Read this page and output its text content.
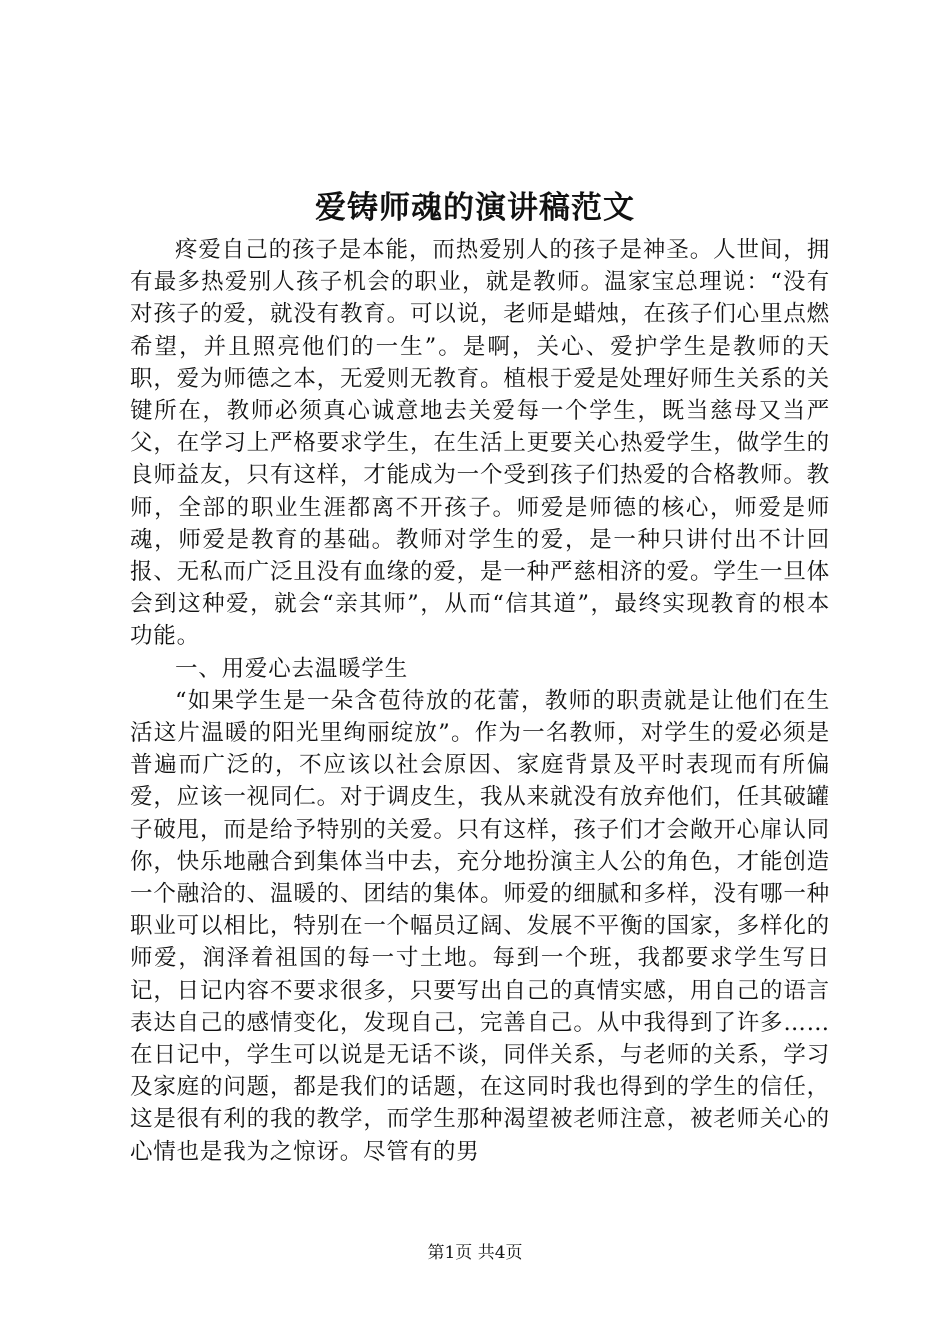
爱铸师魂的演讲稿范文

疼爱自己的孩子是本能，而热爱别人的孩子是神圣。人世间，拥有最多热爱别人孩子机会的职业，就是教师。温家宝总理说：“没有对孩子的爱，就没有教育。可以说，老师是蜡烛，在孩子们心里点燃希望，并且照亮他们的一生”。是啊，关心、爱护学生是教师的天职，爱为师德之本，无爱则无教育。植根于爱是处理好师生关系的关键所在，教师必须真心诚意地去关爱每一个学生，既当慈母又当严父，在学习上严格要求学生，在生活上更要关心热爱学生，做学生的良师益友，只有这样，才能成为一个受到孩子们热爱的合格教师。教师，全部的职业生涯都离不开孩子。师爱是师德的核心，师爱是师魂，师爱是教育的基础。教师对学生的爱，是一种只讲付出不计回报、无私而广泛且没有血缘的爱，是一种严慈相济的爱。学生一旦体会到这种爱，就会“亲其师”，从而“信其道”，最终实现教育的根本功能。

一、用爱心去温暖学生

“如果学生是一朵含苞待放的花蕾，教师的职责就是让他们在生活这片温暖的阳光里绚丽绽放”。作为一名教师，对学生的爱必须是普遍而广泛的，不应该以社会原因、家庭背景及平时表现而有所偏爱，应该一视同仁。对于调皮生，我从来就没有放弃他们，任其破罐子破甩，而是给予特别的关爱。只有这样，孩子们才会敞开心扉认同你，快乐地融合到集体当中去，充分地扮演主人公的角色，才能创造一个融洽的、温暖的、团结的集体。师爱的细腻和多样，没有哪一种职业可以相比，特别在一个幅员辽阔、发展不平衡的国家，多样化的师爱，润泽着祖国的每一寸土地。每到一个班，我都要求学生写日记，日记内容不要求很多，只要写出自己的真情实感，用自己的语言表达自己的感情变化，发现自己，完善自己。从中我得到了许多……在日记中，学生可以说是无话不谈，同伴关系，与老师的关系，学习及家庭的问题，都是我们的话题，在这同时我也得到的学生的信任，这是很有利的我的教学，而学生那种渴望被老师注意，被老师关心的心情也是我为之惊讶。尽管有的男

第1页 共4页
